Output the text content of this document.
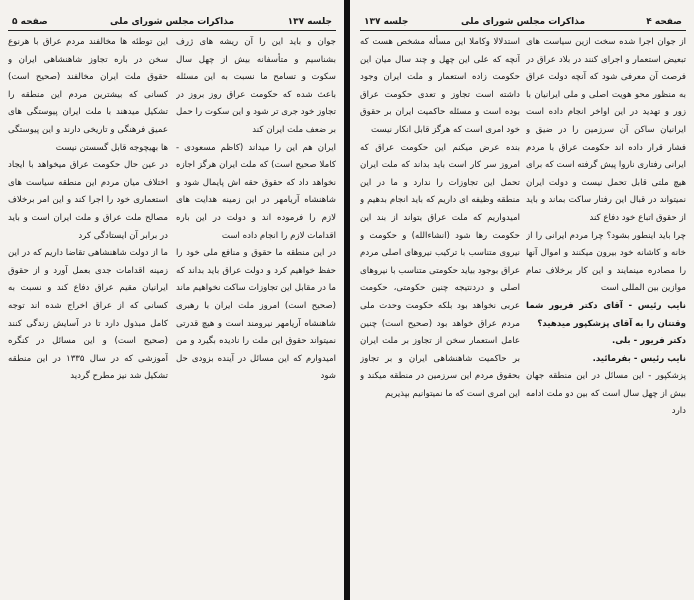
صفحه ۵	مذاکرات مجلس شورای ملی	جلسه ۱۳۷

جوان و باید این را آن ریشه های ژرف بشناسیم و متأسفانه بیش از چهل سال سکوت و تسامح ما نسبت به این مسئله باعث شده که حکومت عراق روز بروز در تجاوز خود جری تر شود و این سکوت را حمل بر ضعف ملت ایران کند

ایران هم این را میداند (کاظم مسعودی - کاملا صحیح است) که ملت ایران هرگز اجازه نخواهد داد که حقوق حقه اش پایمال شود و شاهنشاه آریامهر در این زمینه هدایت های لازم را فرموده اند و دولت در این باره اقدامات لازم را انجام داده است

در این منطقه ما حقوق و منافع ملی خود را حفظ خواهیم کرد و دولت عراق باید بداند که ما در مقابل این تجاوزات ساکت نخواهیم ماند (صحیح است) امروز ملت ایران با رهبری شاهنشاه آریامهر نیرومند است و هیچ قدرتی نمیتواند حقوق این ملت را نادیده بگیرد و من امیدوارم که این مسائل در آینده بزودی حل شود

این توطئه ها مخالفند مردم عراق با هرنوع سخن در باره تجاوز شاهنشاهی ایران و حقوق ملت ایران مخالفند (صحیح است) کسانی که بیشترین مردم این منطقه را تشکیل میدهند با ملت ایران پیوستگی های عمیق فرهنگی و تاریخی دارند و این پیوستگی ها بهیچوجه قابل گسستن نیست

در عین حال حکومت عراق میخواهد با ایجاد اختلاف میان مردم این منطقه سیاست های استعماری خود را اجرا کند و این امر برخلاف مصالح ملت عراق و ملت ایران است و باید در برابر آن ایستادگی کرد

ما از دولت شاهنشاهی تقاضا داریم که در این زمینه اقدامات جدی بعمل آورد و از حقوق ایرانیان مقیم عراق دفاع کند و نسبت به کسانی که از عراق اخراج شده اند توجه کامل مبذول دارد تا در آسایش زندگی کنند (صحیح است) و این مسائل در کنگره آموزشی که در سال ۱۳۳۵ در این منطقه تشکیل شد نیز مطرح گردید

صفحه ۴
مذاکرات مجلس شورای ملی
جلسه ۱۳۷

از جوان اجرا شده سخت ازین سیاست های تبعیض استعمار و اجرای کنند در بلاد عراق در فرصت آن معرفی شود که آنچه دولت عراق به منظور محو هویت اصلی و ملی ایرانیان با زور و تهدید در این اواخر انجام داده است ایرانیان ساکن آن سرزمین را در ضیق و فشار قرار داده اند حکومت عراق با مردم ایرانی رفتاری ناروا پیش گرفته است که برای هیچ ملتی قابل تحمل نیست و دولت ایران نمیتواند در قبال این رفتار ساکت بماند و باید از حقوق اتباع خود دفاع کند

چرا باید اینطور بشود؟ چرا مردم ایرانی را از خانه و کاشانه خود بیرون میکنند و اموال آنها را مصادره مینمایند و این کار برخلاف تمام موازین بین المللی است

نایب رئیس - آقای دکتر فریور شما وقتتان را به آقای پزشکپور میدهید؟

دکتر فریور - بلی.

نایب رئیس - بفرمائید.

پزشکپور - این مسائل در این منطقه جهان بیش از چهل سال است که بین دو ملت ادامه دارد

استدلالا وکاملا این مسأله مشخص هست که آنچه که علی این چهل و چند سال میان این حکومت زاده استعمار و ملت ایران وجود داشته است تجاوز و تعدی حکومت عراق بوده است و مسئله حاکمیت ایران بر حقوق خود امری است که هرگز قابل انکار نیست

بنده عرض میکنم این حکومت عراق که امروز سر کار است باید بداند که ملت ایران تحمل این تجاوزات را ندارد و ما در این منطقه وظیفه ای داریم که باید انجام بدهیم و امیدواریم که ملت عراق بتواند از بند این حکومت رها شود (انشاءالله) و حکومت و نیروی متناسب با ترکیب نیروهای اصلی مردم عراق بوجود بیاید حکومتی متناسب با نیروهای اصلی و دردنتیجه چنین حکومتی، حکومت عربی نخواهد بود بلکه حکومت وحدت ملی مردم عراق خواهد بود (صحیح است) چنین عامل استعمار سخن از تجاوز بر ملت ایران بر حاکمیت شاهنشاهی ایران و بر تجاوز بحقوق مردم این سرزمین در منطقه میکند و این امری است که ما نمیتوانیم بپذیریم
